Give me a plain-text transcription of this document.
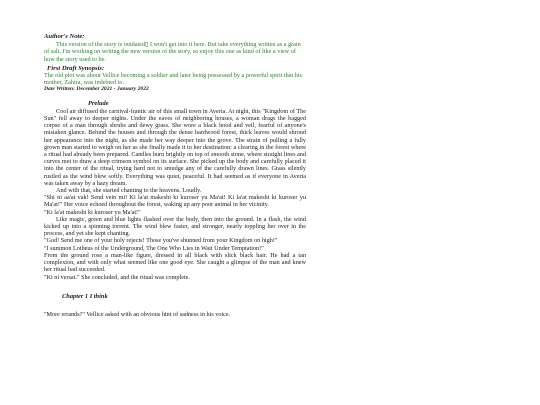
Author's Note:

This version of the story is outdated▯ I won't get into it here. But take everything written as a grain of salt. I'm working on writing the new version of the story, so enjoy this one as kind of like a view of how the story used to be.

First Draft Synopsis:

The old plot was about Vellice becoming a soldier and later being possessed by a powerful spirit that his mother, Zahira, was indebted to.

Date Written: December 2021 - January 2022
Prelude

Cool air diffused the carnival-frantic air of this small town in Averia. At night, this "Kingdom of The Sun" fell away to deeper nights. Under the eaves of neighboring houses, a woman drags the bagged corpse of a man through shrubs and dewy grass. She wore a black hood and veil, fearful of anyone's mistaken glance. Behind the houses and through the dense hardwood forest, thick leaves would shroud her appearance into the night, as she made her way deeper into the grove. The strain of pulling a fully grown man started to weigh on her as she finally made it to her destination: a clearing in the forest where a ritual had already been prepared. Candles burn brightly on top of smooth stone, where straight lines and curves met to draw a deep crimson symbol on its surface. She picked up the body and carefully placed it into the center of the ritual, trying hard not to smudge any of the carefully drawn lines. Grass silently rustled as the wind blew softly. Everything was quiet, peaceful. It had seemed as if everyone in Averia was taken away by a hazy dream.

And with that, she started chanting to the heavens. Loudly.

"Shi ni aa'at vak! Send vein mi! Ki la'at makeshi ki kuroser yu Ma'at! Ki la'at makeshi ki kuroser yu Ma'at!" Her voice echoed throughout the forest, waking up any poor animal in her vicinity.

"Ki la'at makeshi ki kuroser yu Ma'at!"

Like magic, green and blue lights flashed over the body, then into the ground. In a flash, the wind kicked up into a spinning torrent. The wind blew faster, and stronger, nearly toppling her over in the process, and yet she kept chanting.

"God! Send me one of your holy rejects! Those you've shunned from your Kingdom on high!"

"I summon Lotheus of the Underground, The One Who Lies in Wait Under Temptation!"

From the ground rose a man-like figure, dressed in all black with slick black hair. He had a tan complexion, and with only what seemed like one good eye. She caught a glimpse of the man and knew her ritual had succeeded.

"Ki ni versat." She concluded, and the ritual was complete.

Chapter 1 I think

"More errands?" Vellice asked with an obvious hint of sadness in his voice.
